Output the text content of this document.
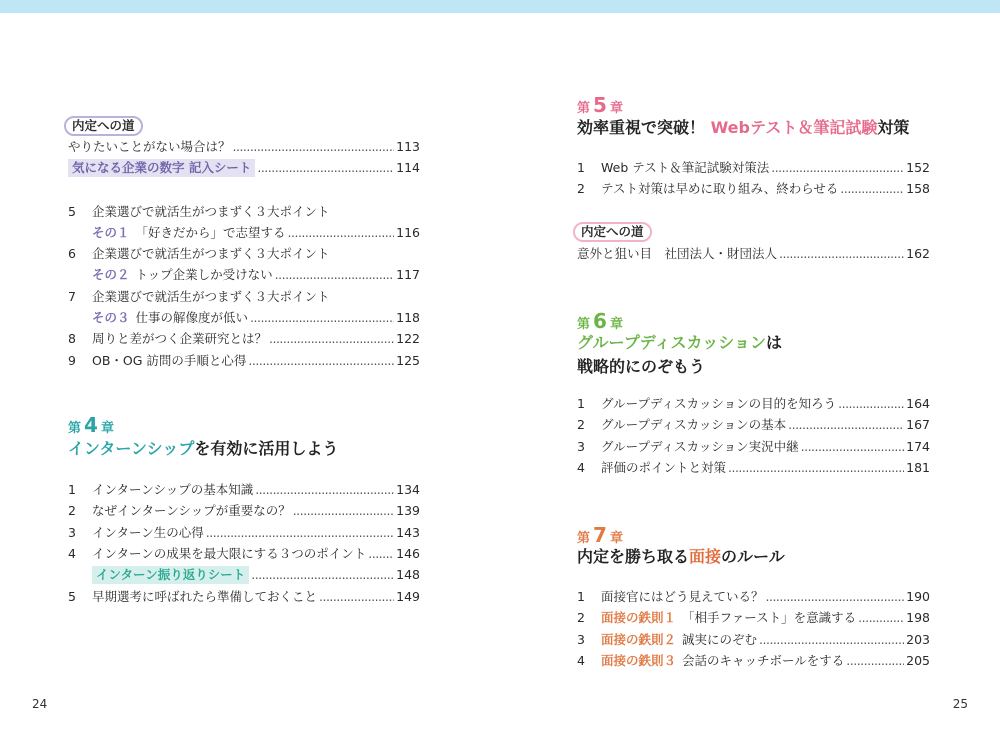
内定への道
やりたいことがない場合は？ .....	113
気になる企業の数字 記入シート .....	114
5	企業選びで就活生がつまずく３大ポイント
その１ 「好きだから」で志望する .....	116
6	企業選びで就活生がつまずく３大ポイント
その２ トップ企業しか受けない .....	117
7	企業選びで就活生がつまずく３大ポイント
その３ 仕事の解像度が低い .....	118
8	周りと差がつく企業研究とは？ .....	122
9	OB・OG 訪問の手順と心得 .....	125
第 4 章
インターンシップを有効に活用しよう
1	インターンシップの基本知識 .....	134
2	なぜインターンシップが重要なの？ .....	139
3	インターン生の心得 .....	143
4	インターンの成果を最大限にする３つのポイント ..... 146
インターン振り返りシート .....	148
5	早期選考に呼ばれたら準備しておくこと .....	149
第 5 章
効率重視で突破！ Webテスト＆筆記試験対策
1	Web テスト＆筆記試験対策法 .....	152
2	テスト対策は早めに取り組み、終わらせる .....	158
内定への道
意外と狙い目　社団法人・財団法人 .....	162
第 6 章
グループディスカッションは
戦略的にのぞもう
1	グループディスカッションの目的を知ろう .....	164
2	グループディスカッションの基本 .....	167
3	グループディスカッション実況中継 .....	174
4	評価のポイントと対策 .....	181
第 7 章
内定を勝ち取る面接のルール
1	面接官にはどう見えている？ .....	190
2	面接の鉄則１ 「相手ファースト」を意識する .....	198
3	面接の鉄則２ 誠実にのぞむ .....	203
4	面接の鉄則３ 会話のキャッチボールをする .....	205
24	25
